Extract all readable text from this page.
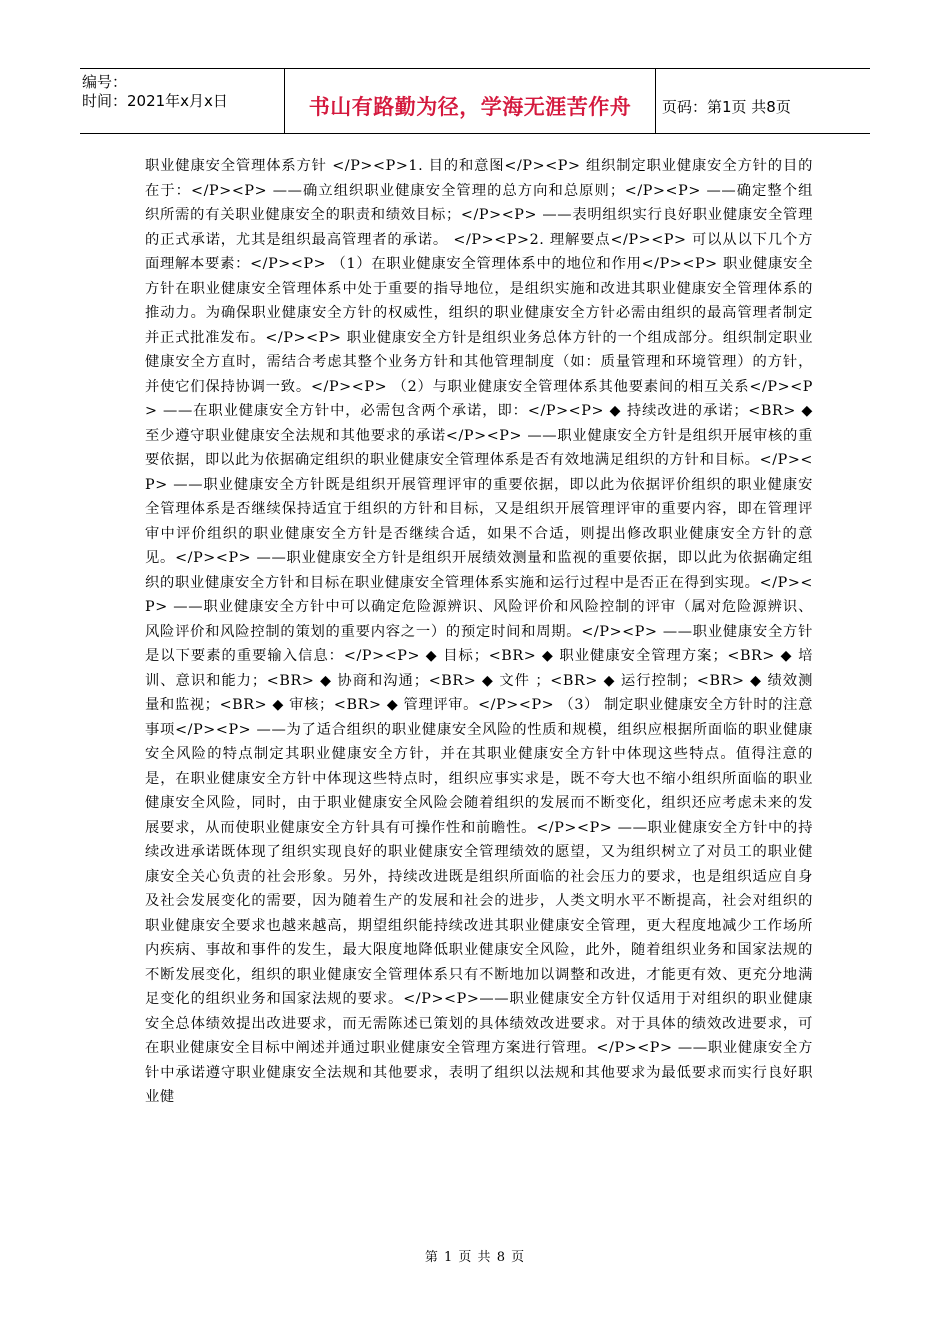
编号：
时间：2021年x月x日	书山有路勤为径，学海无涯苦作舟 页码：第1页 共8页
职业健康安全管理体系方针 </P><P>1. 目的和意图</P><P> 组织制定职业健康安全方针的目的在于：</P><P> ——确立组织职业健康安全管理的总方向和总原则；</P><P> ——确定整个组织所需的有关职业健康安全的职责和绩效目标；</P><P> ——表明组织实行良好职业健康安全管理的正式承诺，尤其是组织最高管理者的承诺。 </P><P>2. 理解要点</P><P> 可以从以下几个方面理解本要素：</P><P> （1）在职业健康安全管理体系中的地位和作用</P><P> 职业健康安全方针在职业健康安全管理体系中处于重要的指导地位，是组织实施和改进其职业健康安全管理体系的推动力。为确保职业健康安全方针的权威性，组织的职业健康安全方针必需由组织的最高管理者制定并正式批准发布。</P><P> 职业健康安全方针是组织业务总体方针的一个组成部分。组织制定职业健康安全方直时，需结合考虑其整个业务方针和其他管理制度（如：质量管理和环境管理）的方针，并使它们保持协调一致。</P><P> （2）与职业健康安全管理体系其他要素间的相互关系</P><P> ——在职业健康安全方针中，必需包含两个承诺，即：</P><P> ◆ 持续改进的承诺；<BR> ◆ 至少遵守职业健康安全法规和其他要求的承诺</P><P> ——职业健康安全方针是组织开展审核的重要依据，即以此为依据确定组织的职业健康安全管理体系是否有效地满足组织的方针和目标。</P><P> ——职业健康安全方针既是组织开展管理评审的重要依据，即以此为依据评价组织的职业健康安全管理体系是否继续保持适宜于组织的方针和目标，又是组织开展管理评审的重要内容，即在管理评审中评价组织的职业健康安全方针是否继续合适，如果不合适，则提出修改职业健康安全方针的意见。</P><P> ——职业健康安全方针是组织开展绩效测量和监视的重要依据，即以此为依据确定组织的职业健康安全方针和目标在职业健康安全管理体系实施和运行过程中是否正在得到实现。</P><P> ——职业健康安全方针中可以确定危险源辨识、风险评价和风险控制的评审（属对危险源辨识、风险评价和风险控制的策划的重要内容之一）的预定时间和周期。</P><P> ——职业健康安全方针是以下要素的重要输入信息：</P><P> ◆ 目标；<BR> ◆ 职业健康安全管理方案；<BR> ◆ 培训、意识和能力；<BR> ◆ 协商和沟通；<BR> ◆ 文件 ；<BR> ◆ 运行控制；<BR> ◆ 绩效测量和监视；<BR> ◆ 审核；<BR> ◆ 管理评审。</P><P> （3） 制定职业健康安全方针时的注意事项</P><P> ——为了适合组织的职业健康安全风险的性质和规模，组织应根据所面临的职业健康安全风险的特点制定其职业健康安全方针，并在其职业健康安全方针中体现这些特点。值得注意的是，在职业健康安全方针中体现这些特点时，组织应事实求是，既不夸大也不缩小组织所面临的职业健康安全风险，同时，由于职业健康安全风险会随着组织的发展而不断变化，组织还应考虑未来的发展要求，从而使职业健康安全方针具有可操作性和前瞻性。</P><P> ——职业健康安全方针中的持续改进承诺既体现了组织实现良好的职业健康安全管理绩效的愿望，又为组织树立了对员工的职业健康安全关心负责的社会形象。另外，持续改进既是组织所面临的社会压力的要求，也是组织适应自身及社会发展变化的需要，因为随着生产的发展和社会的进步，人类文明水平不断提高，社会对组织的职业健康安全要求也越来越高，期望组织能持续改进其职业健康安全管理，更大程度地减少工作场所内疾病、事故和事件的发生，最大限度地降低职业健康安全风险，此外，随着组织业务和国家法规的不断发展变化，组织的职业健康安全管理体系只有不断地加以调整和改进，才能更有效、更充分地满足变化的组织业务和国家法规的要求。</P><P>——职业健康安全方针仅适用于对组织的职业健康安全总体绩效提出改进要求，而无需陈述已策划的具体绩效改进要求。对于具体的绩效改进要求，可在职业健康安全目标中阐述并通过职业健康安全管理方案进行管理。</P><P> ——职业健康安全方针中承诺遵守职业健康安全法规和其他要求，表明了组织以法规和其他要求为最低要求而实行良好职业健
第 1 页 共 8 页
